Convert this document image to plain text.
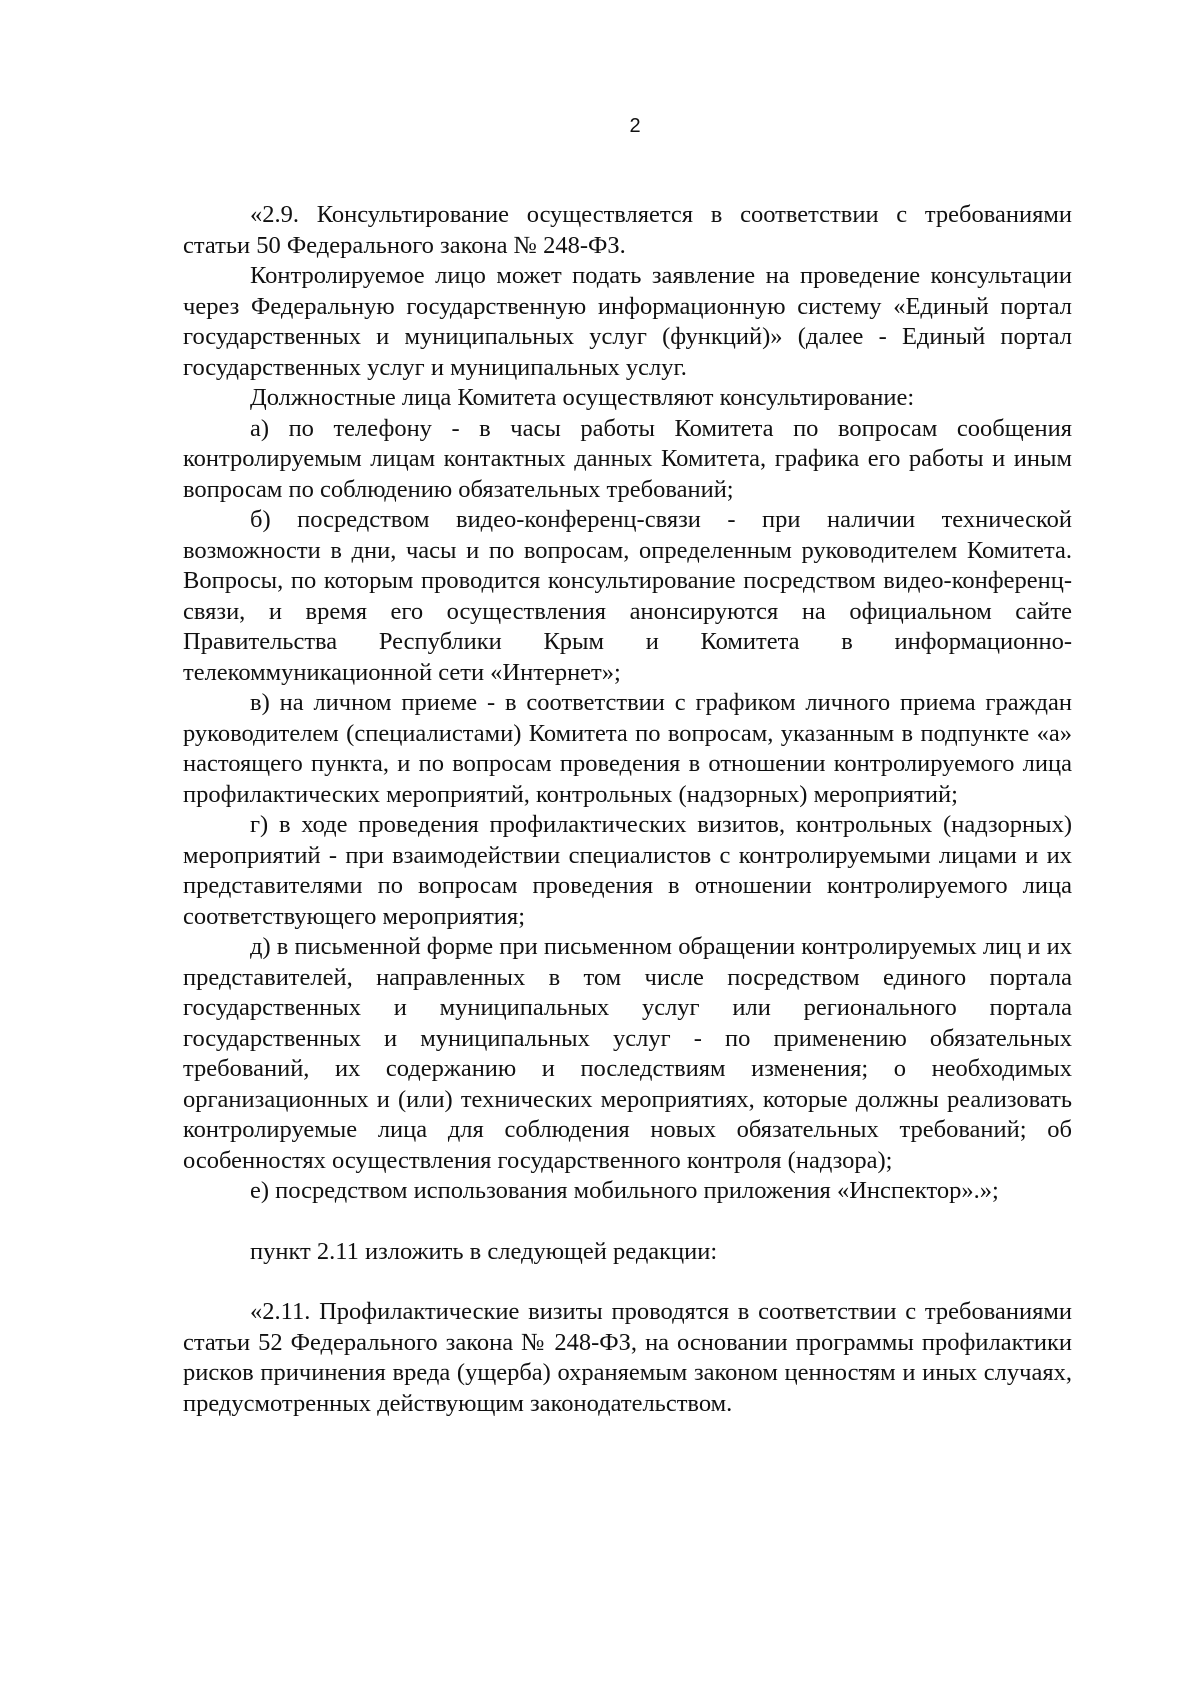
2

«2.9. Консультирование осуществляется в соответствии с требованиями статьи 50 Федерального закона № 248-ФЗ.

Контролируемое лицо может подать заявление на проведение консультации через Федеральную государственную информационную систему «Единый портал государственных и муниципальных услуг (функций)» (далее - Единый портал государственных услуг и муниципальных услуг.

Должностные лица Комитета осуществляют консультирование:

а) по телефону - в часы работы Комитета по вопросам сообщения контролируемым лицам контактных данных Комитета, графика его работы и иным вопросам по соблюдению обязательных требований;

б) посредством видео-конференц-связи - при наличии технической возможности в дни, часы и по вопросам, определенным руководителем Комитета. Вопросы, по которым проводится консультирование посредством видео-конференц-связи, и время его осуществления анонсируются на официальном сайте Правительства Республики Крым и Комитета в информационно-телекоммуникационной сети «Интернет»;

в) на личном приеме - в соответствии с графиком личного приема граждан руководителем (специалистами) Комитета по вопросам, указанным в подпункте «а» настоящего пункта, и по вопросам проведения в отношении контролируемого лица профилактических мероприятий, контрольных (надзорных) мероприятий;

г) в ходе проведения профилактических визитов, контрольных (надзорных) мероприятий - при взаимодействии специалистов с контролируемыми лицами и их представителями по вопросам проведения в отношении контролируемого лица соответствующего мероприятия;

д) в письменной форме при письменном обращении контролируемых лиц и их представителей, направленных в том числе посредством единого портала государственных и муниципальных услуг или регионального портала государственных и муниципальных услуг - по применению обязательных требований, их содержанию и последствиям изменения; о необходимых организационных и (или) технических мероприятиях, которые должны реализовать контролируемые лица для соблюдения новых обязательных требований; об особенностях осуществления государственного контроля (надзора);

е) посредством использования мобильного приложения «Инспектор».»;

пункт 2.11 изложить в следующей редакции:

«2.11. Профилактические визиты проводятся в соответствии с требованиями статьи 52 Федерального закона № 248-ФЗ, на основании программы профилактики рисков причинения вреда (ущерба) охраняемым законом ценностям и иных случаях, предусмотренных действующим законодательством.
